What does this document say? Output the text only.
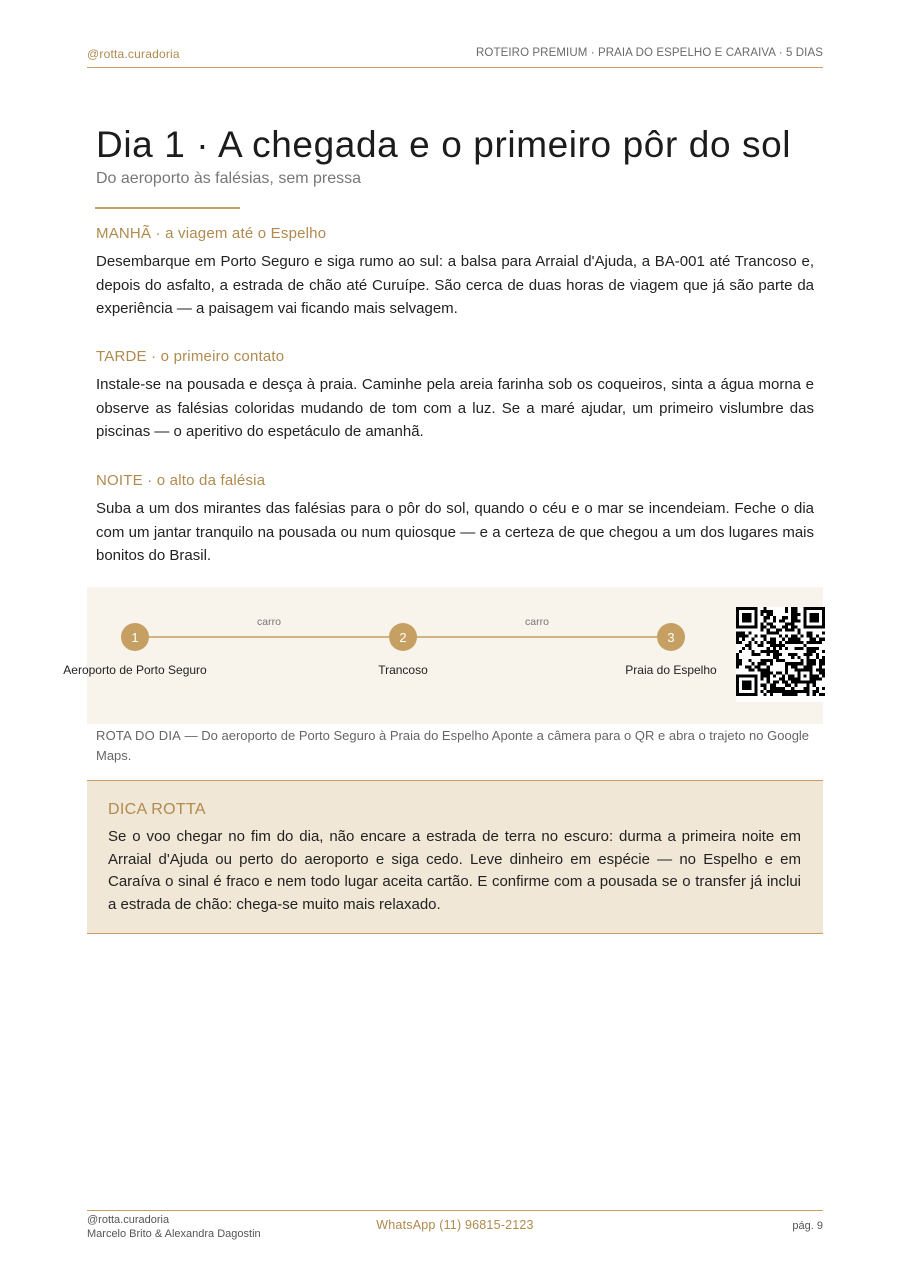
@rotta.curadoria	ROTEIRO PREMIUM · PRAIA DO ESPELHO E CARAIVA · 5 DIAS
Dia 1 · A chegada e o primeiro pôr do sol
Do aeroporto às falésias, sem pressa
MANHÃ · a viagem até o Espelho

Desembarque em Porto Seguro e siga rumo ao sul: a balsa para Arraial d'Ajuda, a BA-001 até Trancoso e, depois do asfalto, a estrada de chão até Curuípe. São cerca de duas horas de viagem que já são parte da experiência — a paisagem vai ficando mais selvagem.

TARDE · o primeiro contato

Instale-se na pousada e desça à praia. Caminhe pela areia farinha sob os coqueiros, sinta a água morna e observe as falésias coloridas mudando de tom com a luz. Se a maré ajudar, um primeiro vislumbre das piscinas — o aperitivo do espetáculo de amanhã.

NOITE · o alto da falésia

Suba a um dos mirantes das falésias para o pôr do sol, quando o céu e o mar se incendeiam. Feche o dia com um jantar tranquilo na pousada ou num quiosque — e a certeza de que chegou a um dos lugares mais bonitos do Brasil.

carro	carro
1	2	3
Aeroporto de Porto Seguro	Trancoso	Praia do Espelho
ROTA DO DIA — Do aeroporto de Porto Seguro à Praia do Espelho Aponte a câmera para o QR e abra o trajeto no Google Maps.
DICA ROTTA

Se o voo chegar no fim do dia, não encare a estrada de terra no escuro: durma a primeira noite em Arraial d'Ajuda ou perto do aeroporto e siga cedo. Leve dinheiro em espécie — no Espelho e em Caraíva o sinal é fraco e nem todo lugar aceita cartão. E confirme com a pousada se o transfer já inclui a estrada de chão: chega-se muito mais relaxado.

@rotta.curadoria
Marcelo Brito & Alexandra Dagostin
WhatsApp (11) 96815-2123	pág. 9
